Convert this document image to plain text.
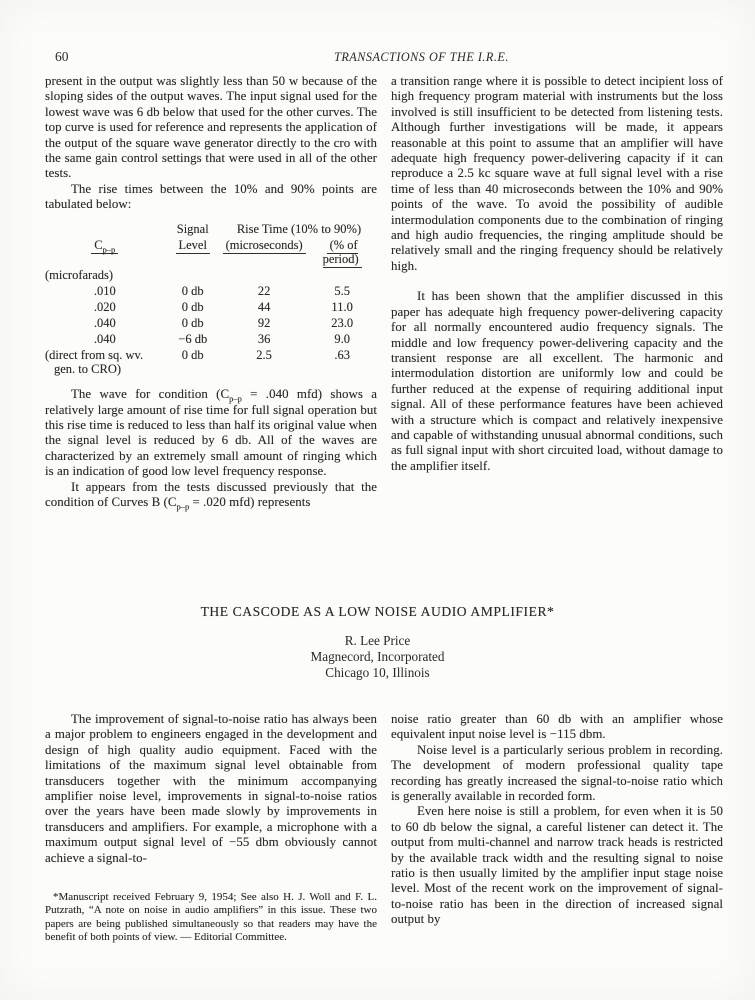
60	TRANSACTIONS OF THE I.R.E.

present in the output was slightly less than 50 w because of the sloping sides of the output waves. The input signal used for the lowest wave was 6 db below that used for the other curves. The top curve is used for reference and represents the application of the output of the square wave generator directly to the cro with the same gain control settings that were used in all of the other tests.

The rise times between the 10% and 90% points are tabulated below:

	Signal	Rise Time (10% to 90%)	
$C_{p-p}$	Level	(microseconds)	(% of period)
(microfarads)			
.010	0 db	22	5.5
.020	0 db	44	11.0
.040	0 db	92	23.0
.040	−6 db	36	9.0

(direct from sq. wv.
gen. to CRO)	0 db	2.5	.63

The wave for condition ($C_{p-p} = .040$ mfd) shows a relatively large amount of rise time for full signal operation but this rise time is reduced to less than half its original value when the signal level is reduced by 6 db. All of the waves are characterized by an extremely small amount of ringing which is an indication of good low level frequency response.

It appears from the tests discussed previously that the condition of Curves B ($C_{p-p} = .020$ mfd) represents

a transition range where it is possible to detect incipient loss of high frequency program material with instruments but the loss involved is still insufficient to be detected from listening tests. Although further investigations will be made, it appears reasonable at this point to assume that an amplifier will have adequate high frequency power-delivering capacity if it can reproduce a 2.5 kc square wave at full signal level with a rise time of less than 40 microseconds between the 10% and 90% points of the wave. To avoid the possibility of audible intermodulation components due to the combination of ringing and high audio frequencies, the ringing amplitude should be relatively small and the ringing frequency should be relatively high.

It has been shown that the amplifier discussed in this paper has adequate high frequency power-delivering capacity for all normally encountered audio frequency signals. The middle and low frequency power-delivering capacity and the transient response are all excellent. The harmonic and intermodulation distortion are uniformly low and could be further reduced at the expense of requiring additional input signal. All of these performance features have been achieved with a structure which is compact and relatively inexpensive and capable of withstanding unusual abnormal conditions, such as full signal input with short circuited load, without damage to the amplifier itself.

THE CASCODE AS A LOW NOISE AUDIO AMPLIFIER*
R. Lee Price
Magnecord, Incorporated
Chicago 10, Illinois

The improvement of signal-to-noise ratio has always been a major problem to engineers engaged in the development and design of high quality audio equipment. Faced with the limitations of the maximum signal level obtainable from transducers together with the minimum accompanying amplifier noise level, improvements in signal-to-noise ratios over the years have been made slowly by improvements in transducers and amplifiers. For example, a microphone with a maximum output signal level of −55 dbm obviously cannot achieve a signal-to-

*Manuscript received February 9, 1954; See also H. J. Woll and F. L. Putzrath, “A note on noise in audio amplifiers” in this issue. These two papers are being published simultaneously so that readers may have the benefit of both points of view. — Editorial Committee.

noise ratio greater than 60 db with an amplifier whose equivalent input noise level is −115 dbm.

Noise level is a particularly serious problem in recording. The development of modern professional quality tape recording has greatly increased the signal-to-noise ratio which is generally available in recorded form.

Even here noise is still a problem, for even when it is 50 to 60 db below the signal, a careful listener can detect it. The output from multi-channel and narrow track heads is restricted by the available track width and the resulting signal to noise ratio is then usually limited by the amplifier input stage noise level. Most of the recent work on the improvement of signal-to-noise ratio has been in the direction of increased signal output by
